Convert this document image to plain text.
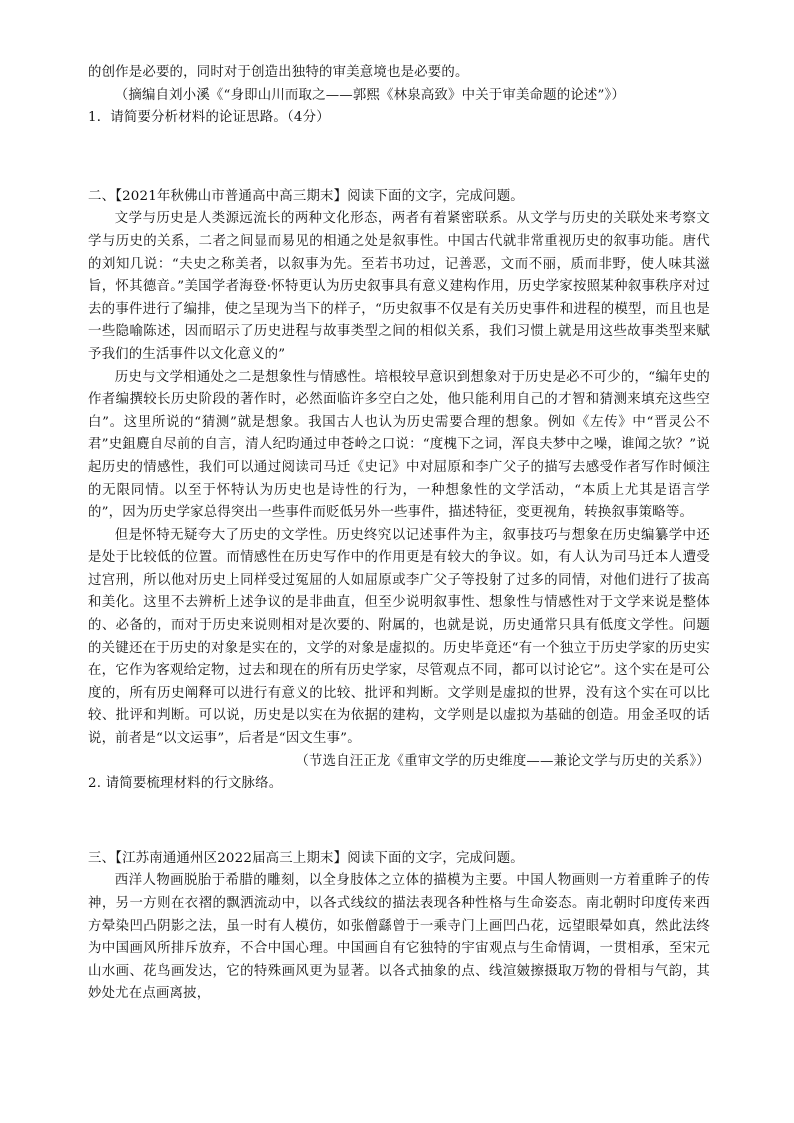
的创作是必要的，同时对于创造出独特的审美意境也是必要的。

（摘编自刘小溪《“身即山川而取之——郭熙《林泉高致》中关于审美命题的论述”》）

1．请简要分析材料的论证思路。（4分）

二、【2021年秋佛山市普通高中高三期末】阅读下面的文字，完成问题。

文学与历史是人类源远流长的两种文化形态，两者有着紧密联系。从文学与历史的关联处来考察文学与历史的关系，二者之间显而易见的相通之处是叙事性。中国古代就非常重视历史的叙事功能。唐代的刘知几说：“夫史之称美者，以叙事为先。至若书功过，记善恶，文而不丽，质而非野，使人味其滋旨，怀其德音。”美国学者海登·怀特更认为历史叙事具有意义建构作用，历史学家按照某种叙事秩序对过去的事件进行了编排，使之呈现为当下的样子，“历史叙事不仅是有关历史事件和进程的模型，而且也是一些隐喻陈述，因而昭示了历史进程与故事类型之间的相似关系，我们习惯上就是用这些故事类型来赋予我们的生活事件以文化意义的”

历史与文学相通处之二是想象性与情感性。培根较早意识到想象对于历史是必不可少的，“编年史的作者编撰较长历史阶段的著作时，必然面临许多空白之处，他只能利用自己的才智和猜测来填充这些空白”。这里所说的“猜测”就是想象。我国古人也认为历史需要合理的想象。例如《左传》中“晋灵公不君”史鉏麑自尽前的自言，清人纪昀通过申苍岭之口说：“度槐下之词，浑良夫梦中之噪，谁闻之欤？”说起历史的情感性，我们可以通过阅读司马迁《史记》中对屈原和李广父子的描写去感受作者写作时倾注的无限同情。以至于怀特认为历史也是诗性的行为，一种想象性的文学活动，“本质上尤其是语言学的”，因为历史学家总得突出一些事件而贬低另外一些事件，描述特征，变更视角，转换叙事策略等。

但是怀特无疑夸大了历史的文学性。历史终究以记述事件为主，叙事技巧与想象在历史编纂学中还是处于比较低的位置。而情感性在历史写作中的作用更是有较大的争议。如，有人认为司马迁本人遭受过宫刑，所以他对历史上同样受过冤屈的人如屈原或李广父子等投射了过多的同情，对他们进行了拔高和美化。这里不去辨析上述争议的是非曲直，但至少说明叙事性、想象性与情感性对于文学来说是整体的、必备的，而对于历史来说则相对是次要的、附属的，也就是说，历史通常只具有低度文学性。问题的关键还在于历史的对象是实在的，文学的对象是虚拟的。历史毕竟还“有一个独立于历史学家的历史实在，它作为客观给定物，过去和现在的所有历史学家，尽管观点不同，都可以讨论它”。这个实在是可公度的，所有历史阐释可以进行有意义的比较、批评和判断。文学则是虚拟的世界，没有这个实在可以比较、批评和判断。可以说，历史是以实在为依据的建构，文学则是以虚拟为基础的创造。用金圣叹的话说，前者是“以文运事”，后者是“因文生事”。

（节选自汪正龙《重审文学的历史维度——兼论文学与历史的关系》）

2. 请简要梳理材料的行文脉络。

三、【江苏南通通州区2022届高三上期末】阅读下面的文字，完成问题。

西洋人物画脱胎于希腊的雕刻，以全身肢体之立体的描模为主要。中国人物画则一方着重眸子的传神，另一方则在衣褶的飘洒流动中，以各式线纹的描法表现各种性格与生命姿态。南北朝时印度传来西方晕染凹凸阴影之法，虽一时有人模仿，如张僧繇曾于一乘寺门上画凹凸花，远望眼晕如真，然此法终为中国画风所排斥放弃，不合中国心理。中国画自有它独特的宇宙观点与生命情调，一贯相承，至宋元山水画、花鸟画发达，它的特殊画风更为显著。以各式抽象的点、线渲皴擦摄取万物的骨相与气韵，其妙处尤在点画离披，
